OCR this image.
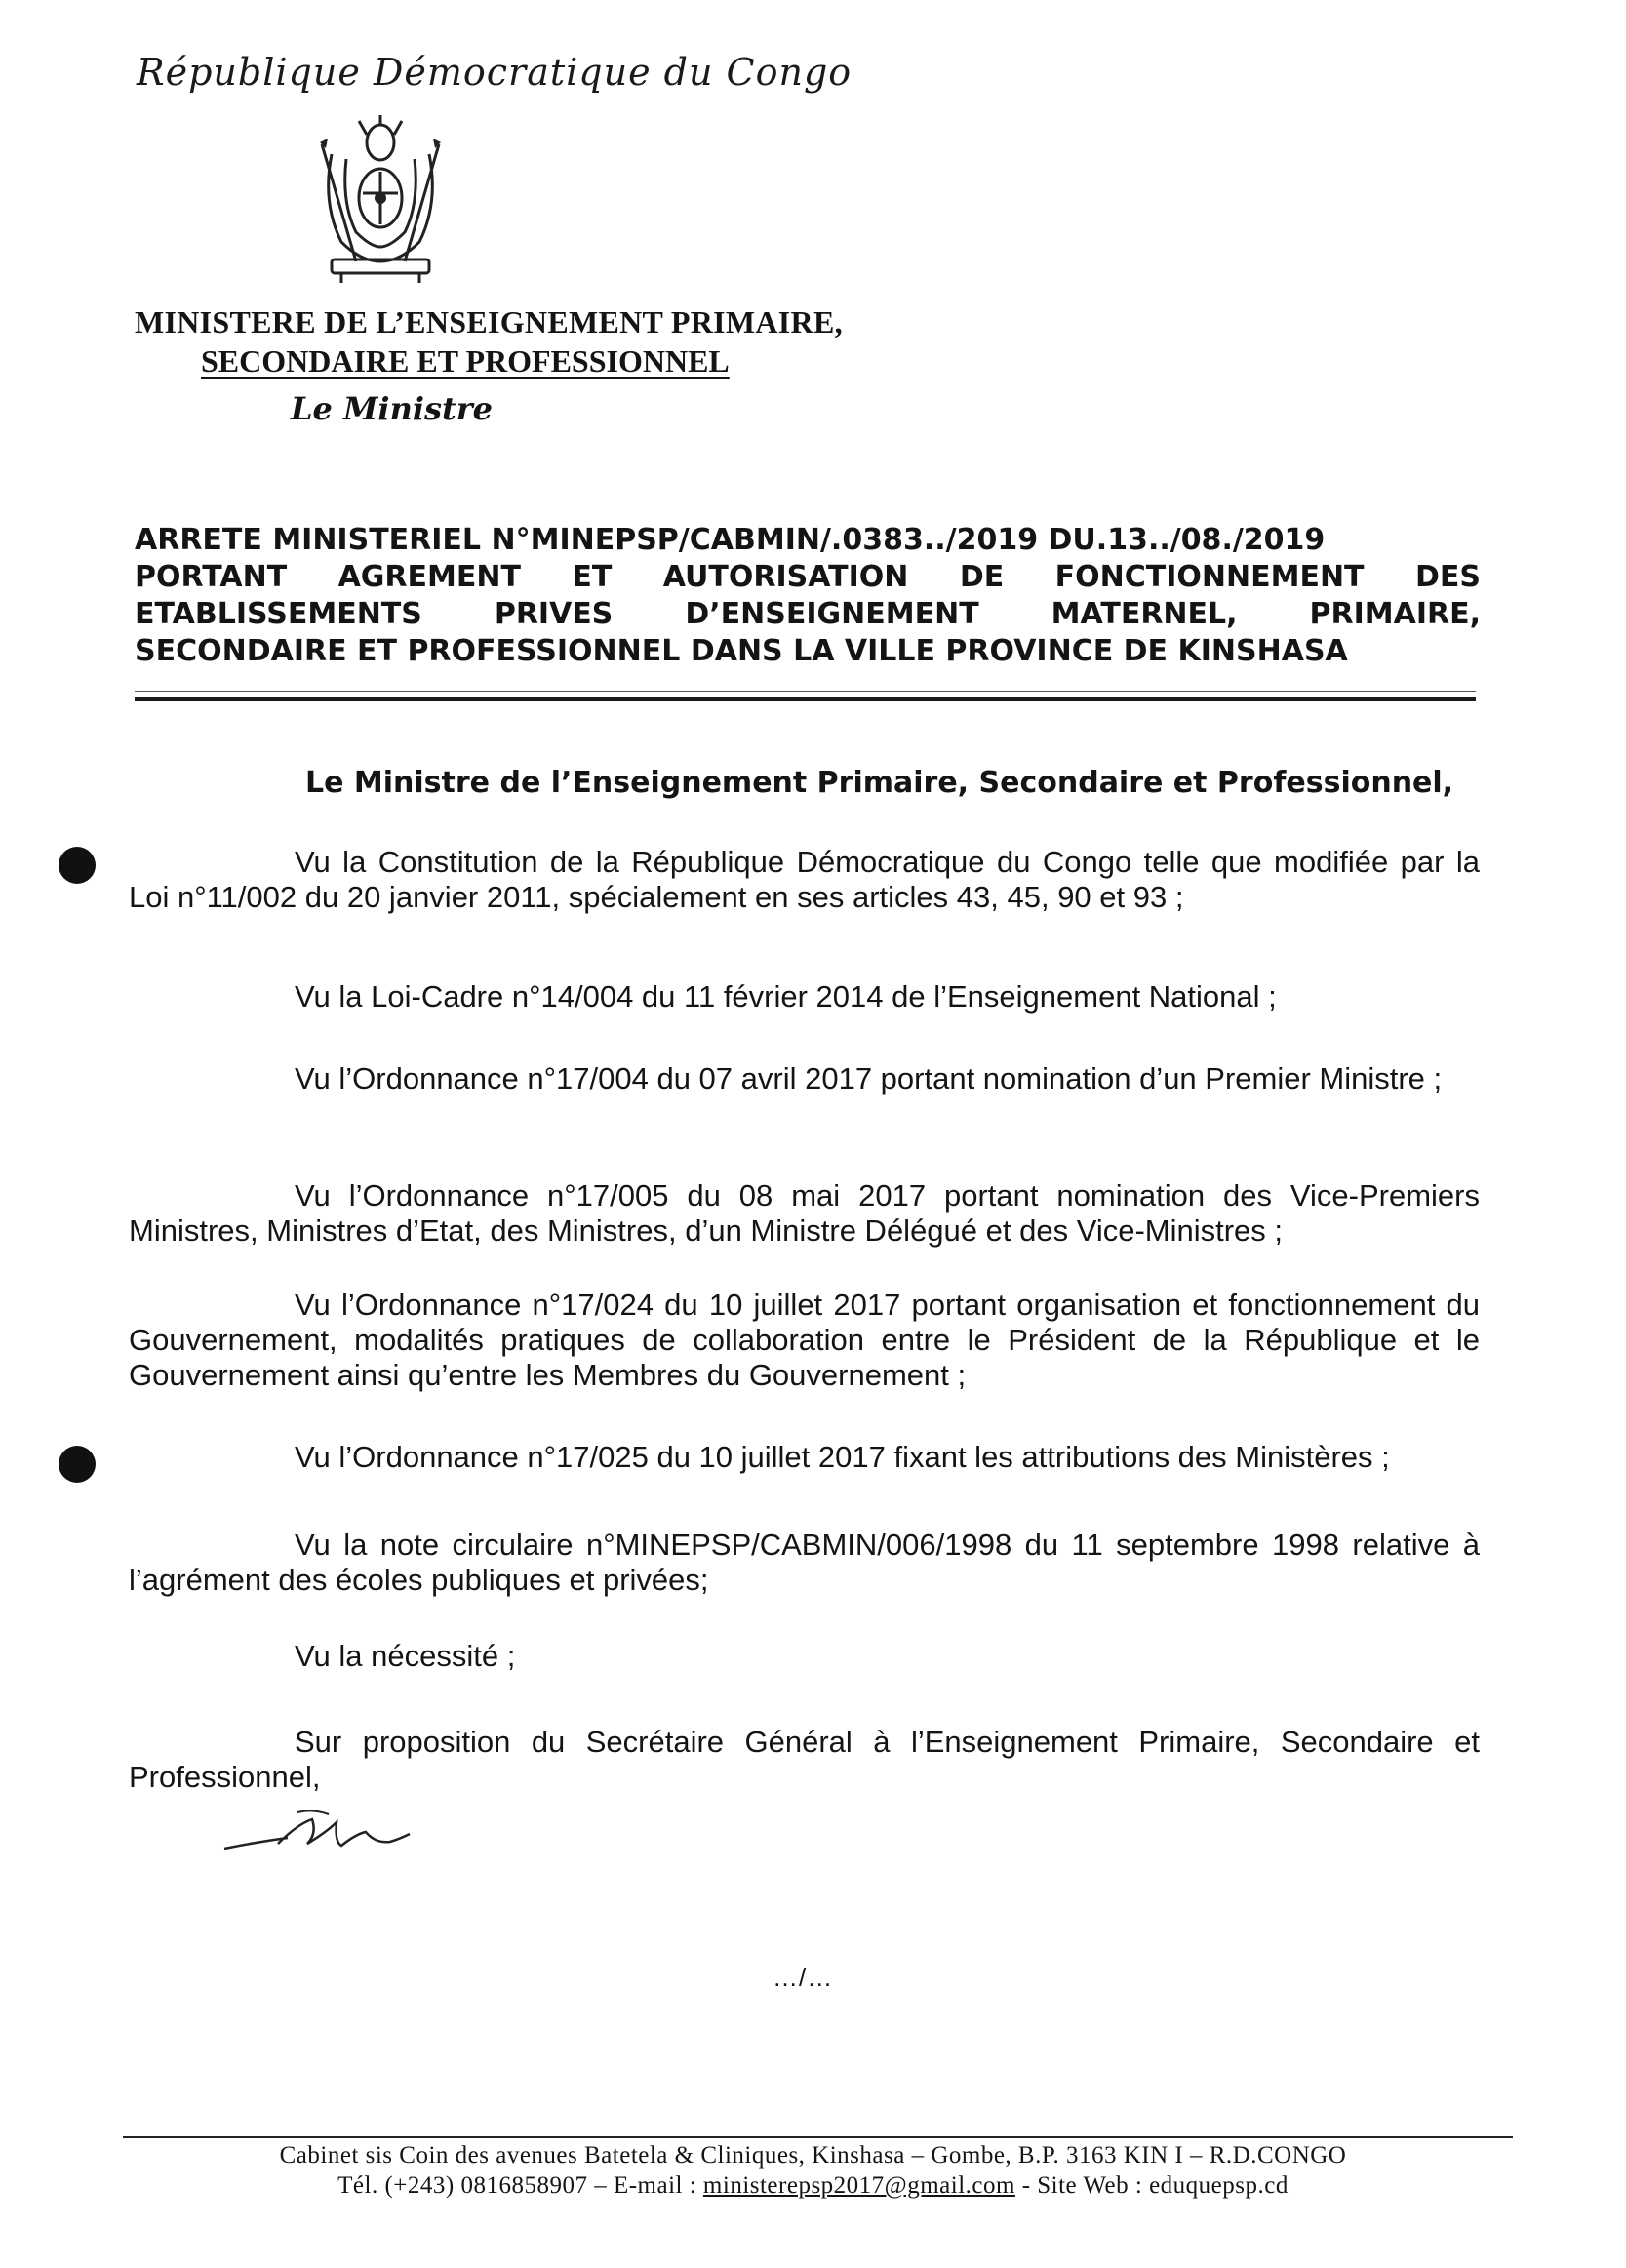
République Démocratique du Congo
MINISTERE DE L’ENSEIGNEMENT PRIMAIRE,
SECONDAIRE ET PROFESSIONNEL
Le Ministre
ARRETE MINISTERIEL N°MINEPSP/CABMIN/.0383../2019 DU.13../08./2019
PORTANT AGREMENT ET AUTORISATION DE FONCTIONNEMENT DES
ETABLISSEMENTS PRIVES D’ENSEIGNEMENT MATERNEL, PRIMAIRE,
SECONDAIRE ET PROFESSIONNEL DANS LA VILLE PROVINCE DE KINSHASA
Le Ministre de l’Enseignement Primaire, Secondaire et Professionnel,

Vu la Constitution de la République Démocratique du Congo telle que modifiée par la Loi n°11/002 du 20 janvier 2011, spécialement en ses articles 43, 45, 90 et 93 ;

Vu la Loi-Cadre n°14/004 du 11 février 2014 de l’Enseignement National ;

Vu l’Ordonnance n°17/004 du 07 avril 2017 portant nomination d’un Premier Ministre ;

Vu l’Ordonnance n°17/005 du 08 mai 2017 portant nomination des Vice-Premiers Ministres, Ministres d’Etat, des Ministres, d’un Ministre Délégué et des Vice-Ministres ;

Vu l’Ordonnance n°17/024 du 10 juillet 2017 portant organisation et fonctionnement du Gouvernement, modalités pratiques de collaboration entre le Président de la République et le Gouvernement ainsi qu’entre les Membres du Gouvernement ;

Vu l’Ordonnance n°17/025 du 10 juillet 2017 fixant les attributions des Ministères ;

Vu la note circulaire n°MINEPSP/CABMIN/006/1998 du 11 septembre 1998 relative à l’agrément des écoles publiques et privées;

Vu la nécessité ;

Sur proposition du Secrétaire Général à l’Enseignement Primaire, Secondaire et Professionnel,

…/…
Cabinet sis Coin des avenues Batetela & Cliniques, Kinshasa – Gombe, B.P. 3163 KIN I – R.D.CONGO
Tél. (+243) 0816858907 – E-mail : ministerepsp2017@gmail.com - Site Web : eduquepsp.cd
